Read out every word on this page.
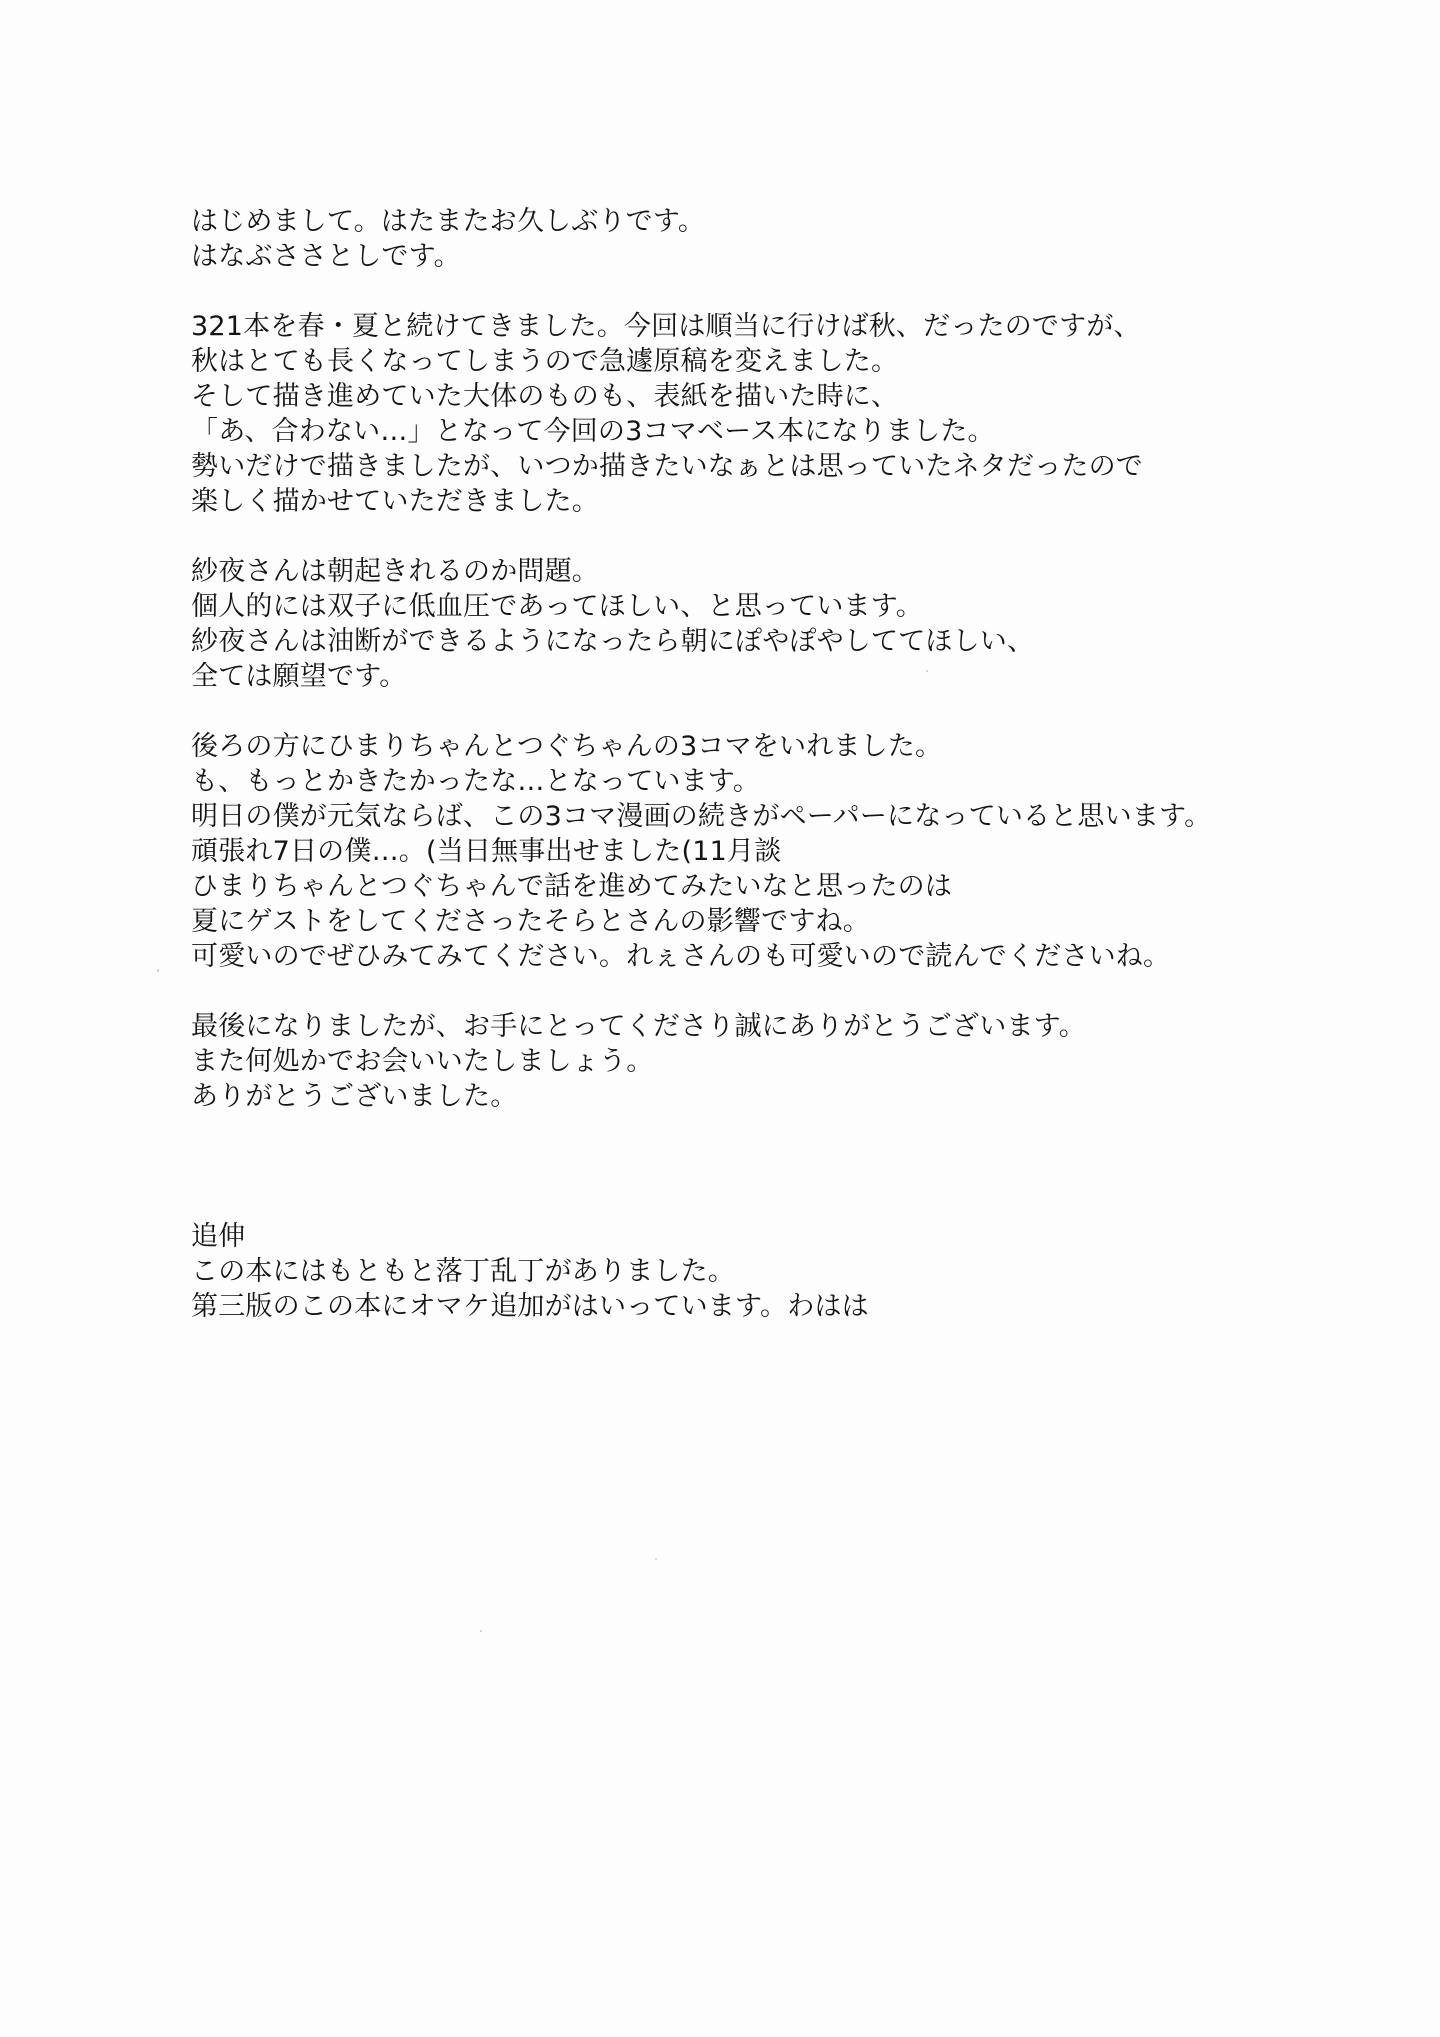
はじめまして。はたまたお久しぶりです。
はなぶささとしです。
321本を春・夏と続けてきました。今回は順当に行けば秋、だったのですが、
秋はとても長くなってしまうので急遽原稿を変えました。
そして描き進めていた大体のものも、表紙を描いた時に、
「あ、合わない…」となって今回の3コマベース本になりました。
勢いだけで描きましたが、いつか描きたいなぁとは思っていたネタだったので
楽しく描かせていただきました。
紗夜さんは朝起きれるのか問題。
個人的には双子に低血圧であってほしい、と思っています。
紗夜さんは油断ができるようになったら朝にぽやぽやしててほしい、
全ては願望です。
後ろの方にひまりちゃんとつぐちゃんの3コマをいれました。
も、もっとかきたかったな…となっています。
明日の僕が元気ならば、この3コマ漫画の続きがペーパーになっていると思います。
頑張れ7日の僕…。(当日無事出せました(11月談
ひまりちゃんとつぐちゃんで話を進めてみたいなと思ったのは
夏にゲストをしてくださったそらとさんの影響ですね。
可愛いのでぜひみてみてください。れぇさんのも可愛いので読んでくださいね。
最後になりましたが、お手にとってくださり誠にありがとうございます。
また何処かでお会いいたしましょう。
ありがとうございました。
追伸
この本にはもともと落丁乱丁がありました。
第三版のこの本にオマケ追加がはいっています。わはは
